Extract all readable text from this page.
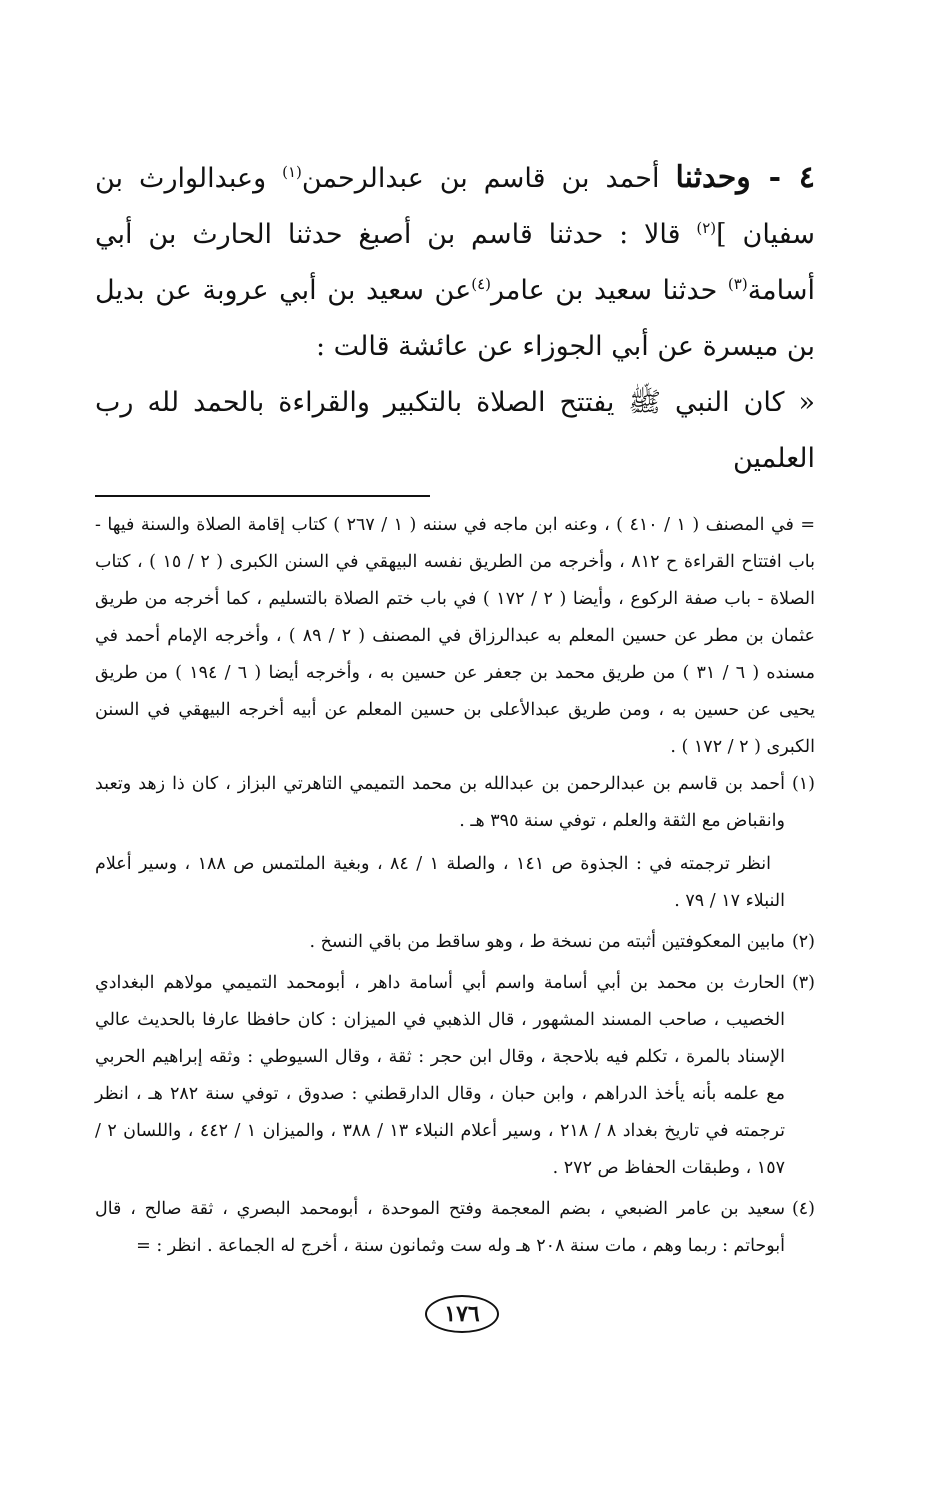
٤ - وحدثنا أحمد بن قاسم بن عبدالرحمن$^{(١)}$ وعبدالوارث بن سفيان ]$^{(٢)}$ قالا : حدثنا قاسم بن أصبغ حدثنا الحارث بن أبي أسامة$^{(٣)}$ حدثنا سعيد بن عامر$^{(٤)}$عن سعيد بن أبي عروبة عن بديل بن ميسرة عن أبي الجوزاء عن عائشة قالت :

« كان النبي ﷺ يفتتح الصلاة بالتكبير والقراءة بالحمد لله رب العلمين

= في المصنف ( ١ / ٤١٠ ) ، وعنه ابن ماجه في سننه ( ١ / ٢٦٧ ) كتاب إقامة الصلاة والسنة فيها - باب افتتاح القراءة ح ٨١٢ ، وأخرجه من الطريق نفسه البيهقي في السنن الكبرى ( ٢ / ١٥ ) ، كتاب الصلاة - باب صفة الركوع ، وأيضا ( ٢ / ١٧٢ ) في باب ختم الصلاة بالتسليم ، كما أخرجه من طريق عثمان بن مطر عن حسين المعلم به عبدالرزاق في المصنف ( ٢ / ٨٩ ) ، وأخرجه الإمام أحمد في مسنده ( ٦ / ٣١ ) من طريق محمد بن جعفر عن حسين به ، وأخرجه أيضا ( ٦ / ١٩٤ ) من طريق يحيى عن حسين به ، ومن طريق عبدالأعلى بن حسين المعلم عن أبيه أخرجه البيهقي في السنن الكبرى ( ٢ / ١٧٢ ) .

(١)

أحمد بن قاسم بن عبدالرحمن بن عبدالله بن محمد التميمي التاهرتي البزاز ، كان ذا زهد وتعبد وانقباض مع الثقة والعلم ، توفي سنة ٣٩٥ هـ .

انظر ترجمته في : الجذوة ص ١٤١ ، والصلة ١ / ٨٤ ، وبغية الملتمس ص ١٨٨ ، وسير أعلام النبلاء ١٧ / ٧٩ .

(٢)

مابين المعكوفتين أثبته من نسخة ط ، وهو ساقط من باقي النسخ .

(٣)

الحارث بن محمد بن أبي أسامة واسم أبي أسامة داهر ، أبومحمد التميمي مولاهم البغدادي الخصيب ، صاحب المسند المشهور ، قال الذهبي في الميزان : كان حافظا عارفا بالحديث عالي الإسناد بالمرة ، تكلم فيه بلاحجة ، وقال ابن حجر : ثقة ، وقال السيوطي : وثقه إبراهيم الحربي مع علمه بأنه يأخذ الدراهم ، وابن حبان ، وقال الدارقطني : صدوق ، توفي سنة ٢٨٢ هـ ، انظر ترجمته في تاريخ بغداد ٨ / ٢١٨ ، وسير أعلام النبلاء ١٣ / ٣٨٨ ، والميزان ١ / ٤٤٢ ، واللسان ٢ / ١٥٧ ، وطبقات الحفاظ ص ٢٧٢ .

(٤)

سعيد بن عامر الضبعي ، بضم المعجمة وفتح الموحدة ، أبومحمد البصري ، ثقة صالح ، قال أبوحاتم : ربما وهم ، مات سنة ٢٠٨ هـ وله ست وثمانون سنة ، أخرج له الجماعة . انظر : =

١٧٦
